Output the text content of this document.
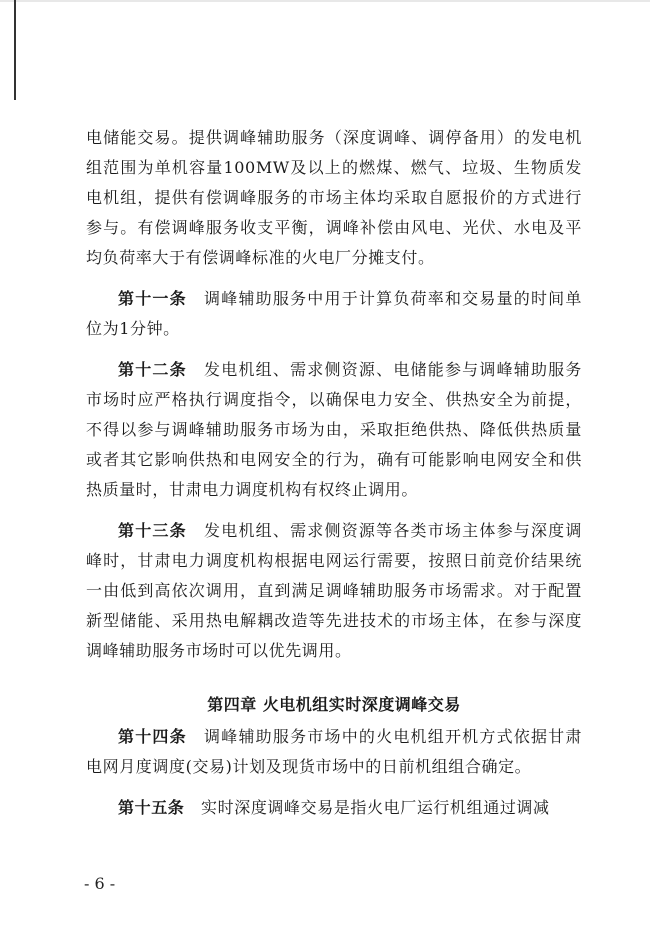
电储能交易。提供调峰辅助服务（深度调峰、调停备用）的发电机组范围为单机容量100MW及以上的燃煤、燃气、垃圾、生物质发电机组，提供有偿调峰服务的市场主体均采取自愿报价的方式进行参与。有偿调峰服务收支平衡，调峰补偿由风电、光伏、水电及平均负荷率大于有偿调峰标准的火电厂分摊支付。

第十一条　 调峰辅助服务中用于计算负荷率和交易量的时间单位为1分钟。

第十二条　 发电机组、需求侧资源、电储能参与调峰辅助服务市场时应严格执行调度指令，以确保电力安全、供热安全为前提，不得以参与调峰辅助服务市场为由，采取拒绝供热、降低供热质量或者其它影响供热和电网安全的行为，确有可能影响电网安全和供热质量时，甘肃电力调度机构有权终止调用。

第十三条　 发电机组、需求侧资源等各类市场主体参与深度调峰时，甘肃电力调度机构根据电网运行需要，按照日前竞价结果统一由低到高依次调用，直到满足调峰辅助服务市场需求。对于配置新型储能、采用热电解耦改造等先进技术的市场主体，在参与深度调峰辅助服务市场时可以优先调用。

第四章 火电机组实时深度调峰交易

第十四条　 调峰辅助服务市场中的火电机组开机方式依据甘肃电网月度调度(交易)计划及现货市场中的日前机组组合确定。

第十五条　 实时深度调峰交易是指火电厂运行机组通过调减

- 6 -
